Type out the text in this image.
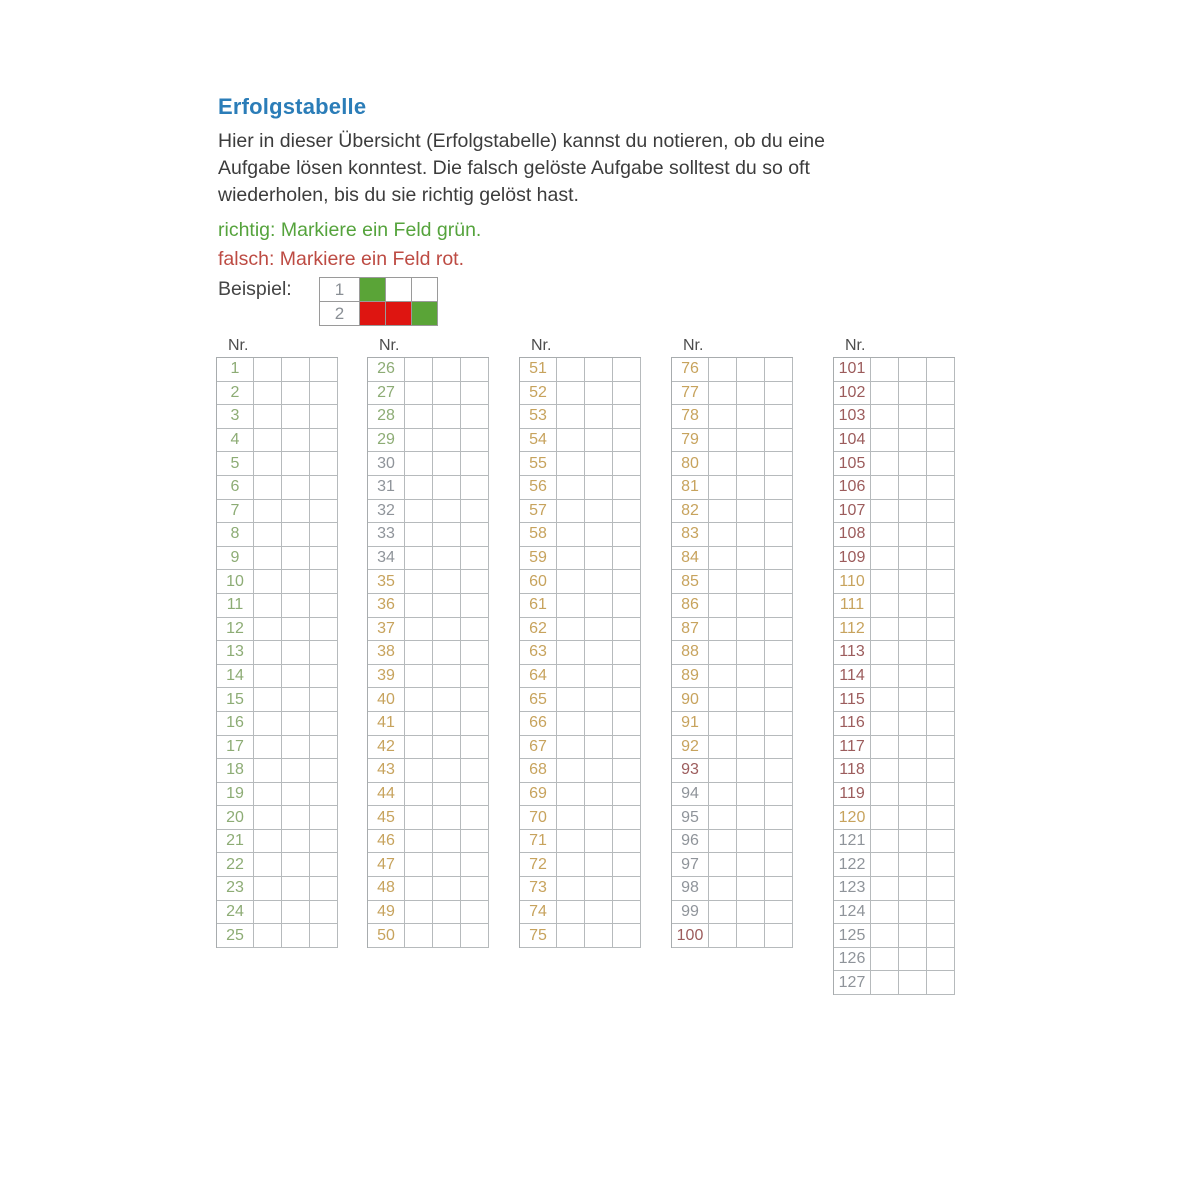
Erfolgstabelle
Hier in dieser Übersicht (Erfolgstabelle) kannst du notieren, ob du eine
Aufgabe lösen konntest. Die falsch gelöste Aufgabe solltest du so oft
wiederholen, bis du sie richtig gelöst hast.
richtig: Markiere ein Feld grün.
falsch: Markiere ein Feld rot.
Beispiel:	1
2
Nr.
1
2
3
4
5
6
7
8
9
10
11
12
13
14
15
16
17
18
19
20
21
22
23
24
25
Nr.
26
27
28
29
30
31
32
33
34
35
36
37
38
39
40
41
42
43
44
45
46
47
48
49
50
Nr.
51
52
53
54
55
56
57
58
59
60
61
62
63
64
65
66
67
68
69
70
71
72
73
74
75
Nr.
76
77
78
79
80
81
82
83
84
85
86
87
88
89
90
91
92
93
94
95
96
97
98
99
100
Nr.
101
102
103
104
105
106
107
108
109
110
111
112
113
114
115
116
117
118
119
120
121
122
123
124
125
126
127
